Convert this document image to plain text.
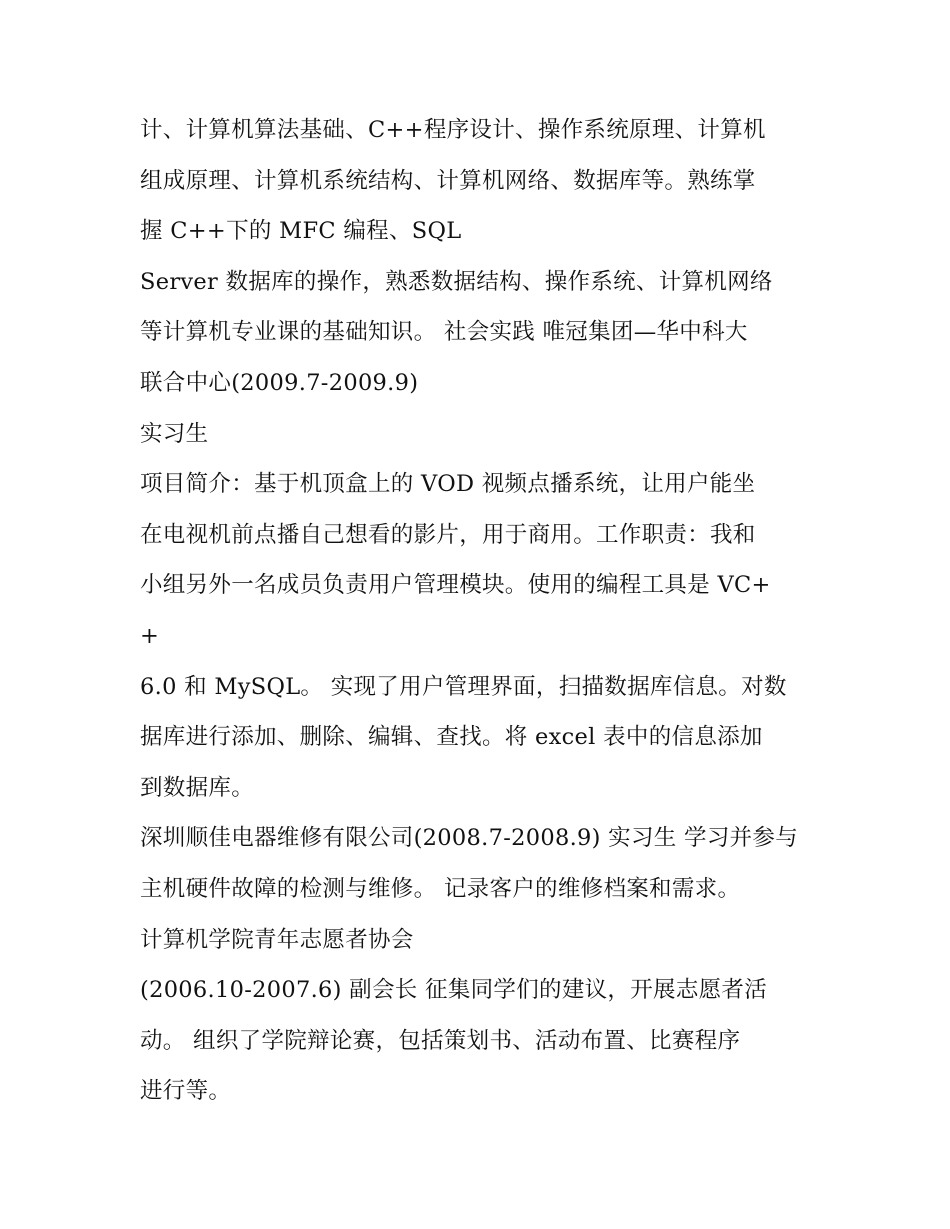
计、计算机算法基础、C++程序设计、操作系统原理、计算机
组成原理、计算机系统结构、计算机网络、数据库等。熟练掌
握 C++下的 MFC 编程、SQL
Server 数据库的操作，熟悉数据结构、操作系统、计算机网络
等计算机专业课的基础知识。 社会实践 唯冠集团—华中科大
联合中心(2009.7-2009.9)
实习生
项目简介：基于机顶盒上的 VOD 视频点播系统，让用户能坐
在电视机前点播自己想看的影片，用于商用。工作职责：我和
小组另外一名成员负责用户管理模块。使用的编程工具是 VC+
+
6.0 和 MySQL。 实现了用户管理界面，扫描数据库信息。对数
据库进行添加、删除、编辑、查找。将 excel 表中的信息添加
到数据库。
深圳顺佳电器维修有限公司(2008.7-2008.9) 实习生 学习并参与
主机硬件故障的检测与维修。 记录客户的维修档案和需求。
计算机学院青年志愿者协会
(2006.10-2007.6) 副会长 征集同学们的建议，开展志愿者活
动。 组织了学院辩论赛，包括策划书、活动布置、比赛程序
进行等。
